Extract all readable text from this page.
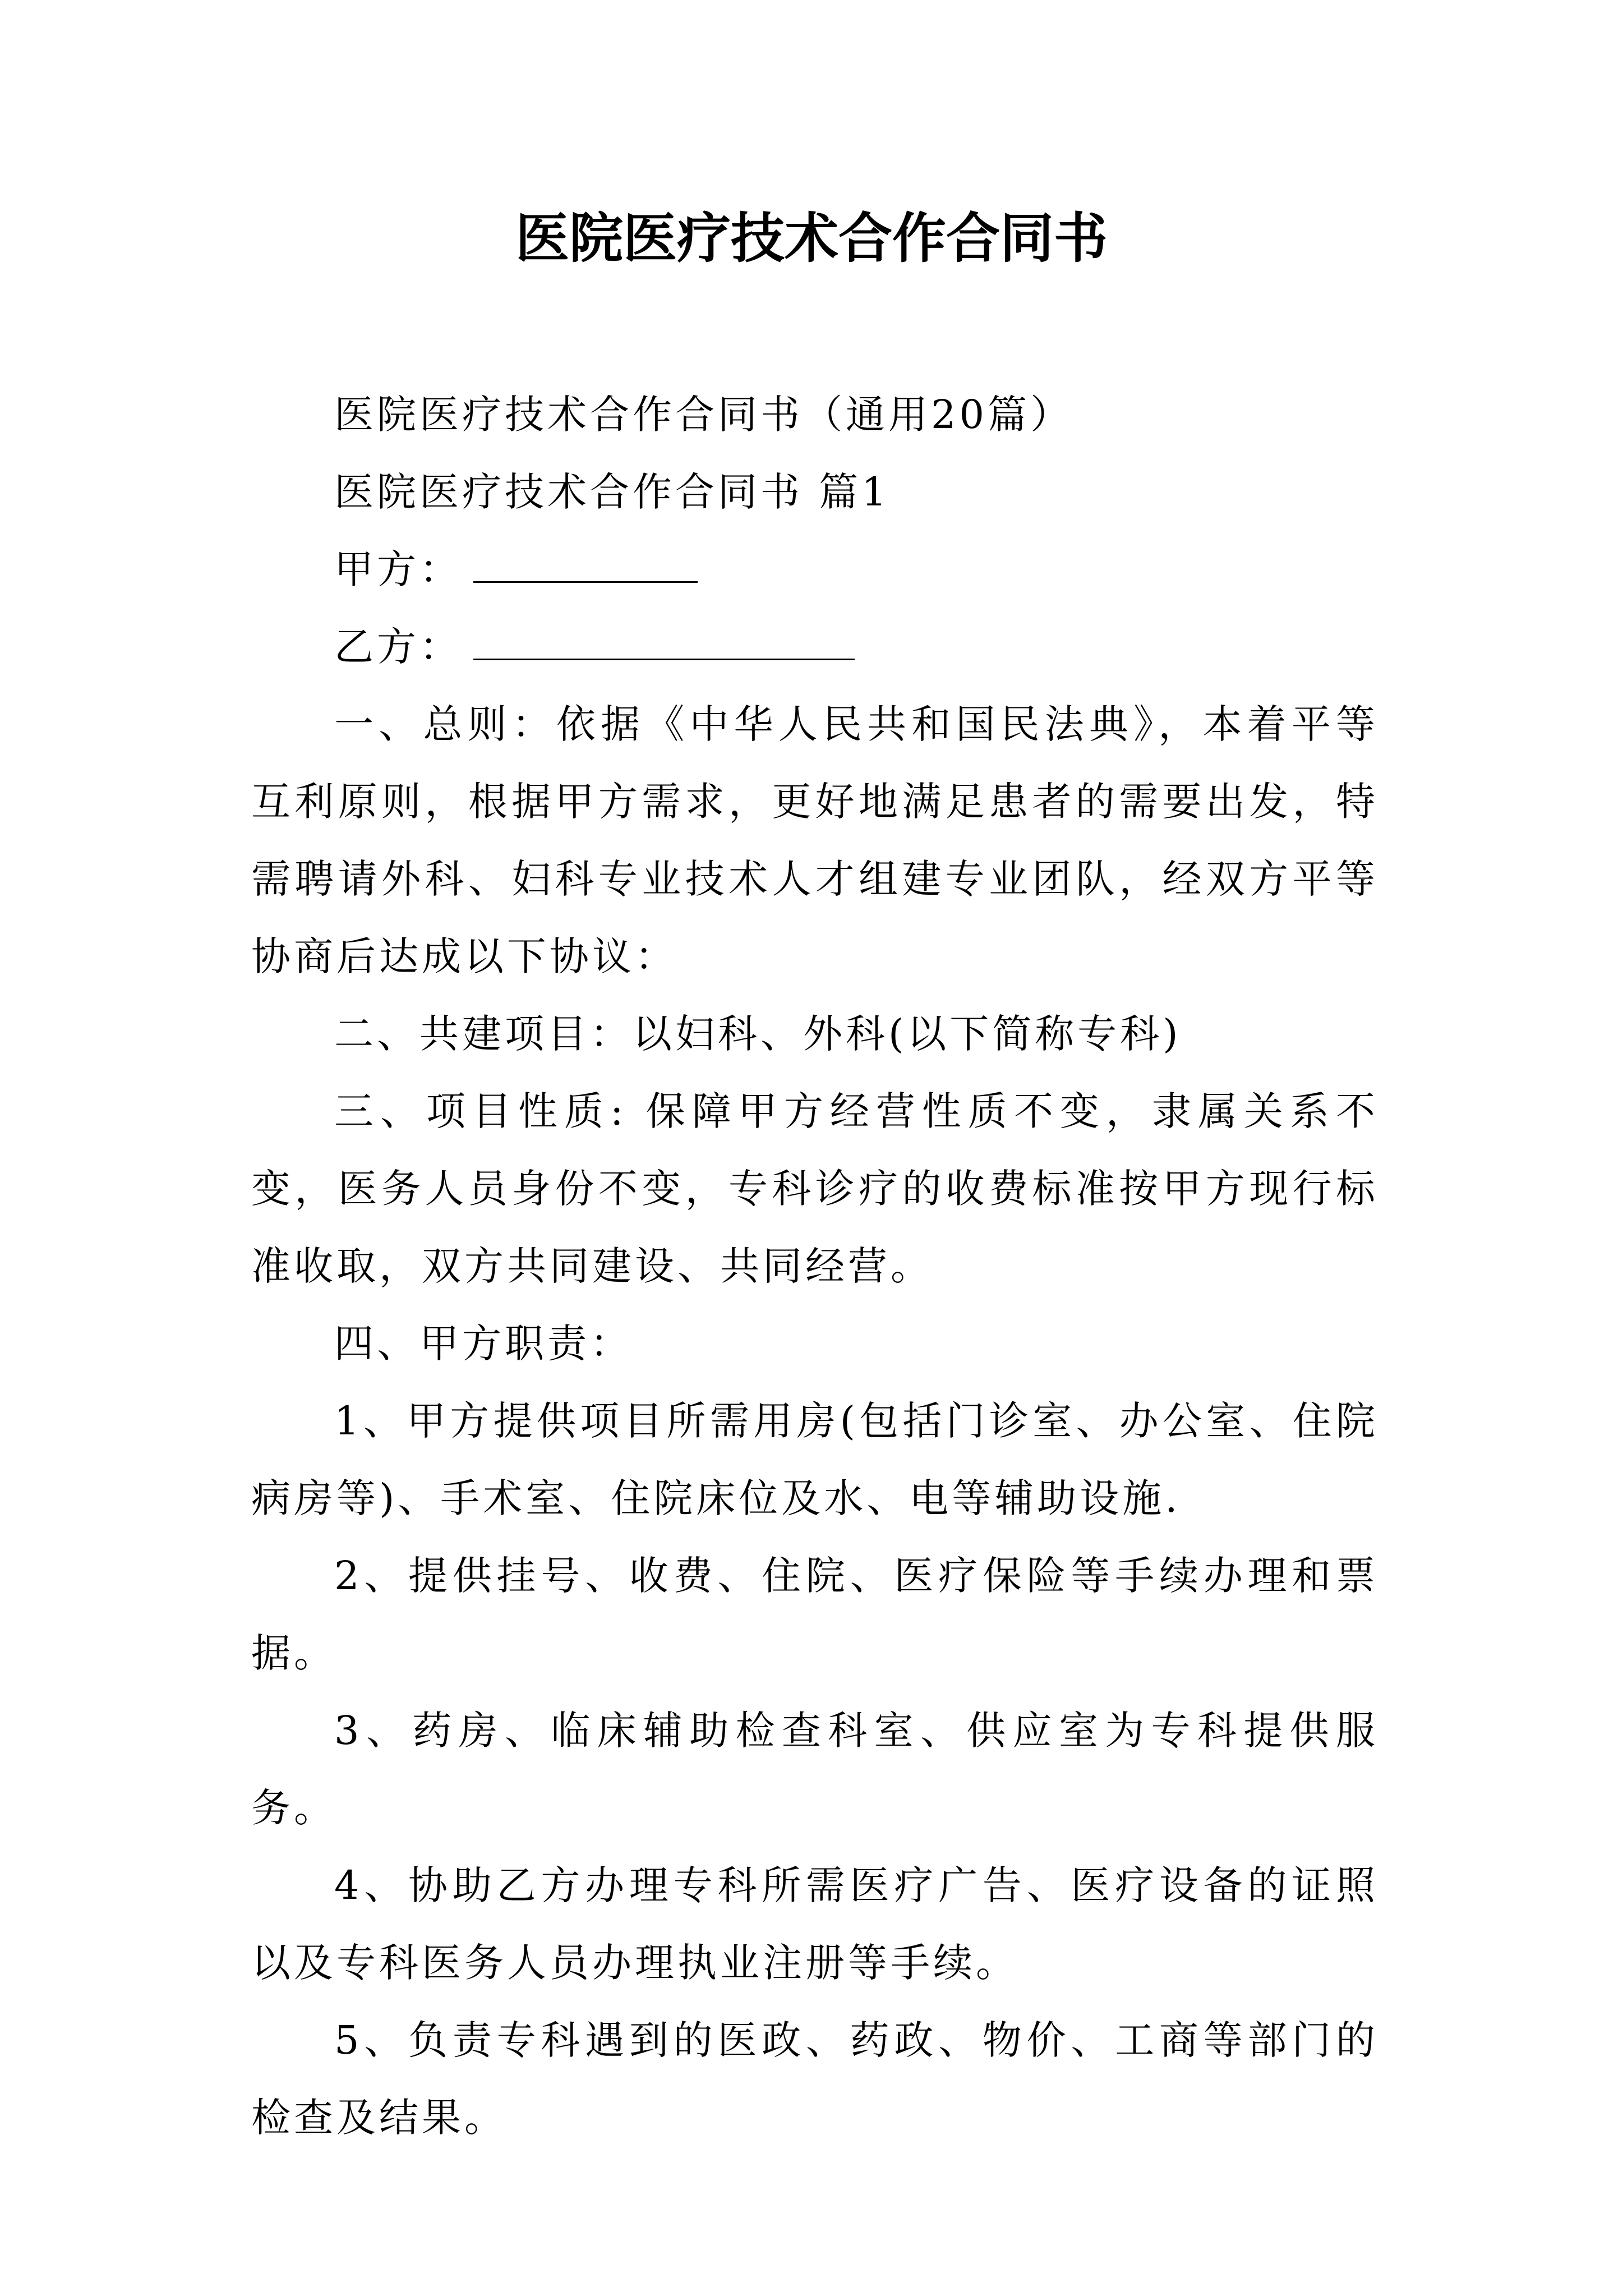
医院医疗技术合作合同书

医院医疗技术合作合同书（通用20篇）

医院医疗技术合作合同书 篇1

甲方：

乙方：

一、总则：依据《中华人民共和国民法典》，本着平等互利原则，根据甲方需求，更好地满足患者的需要出发，特需聘请外科、妇科专业技术人才组建专业团队，经双方平等协商后达成以下协议：

二、共建项目：以妇科、外科(以下简称专科)

三、项目性质: 保障甲方经营性质不变，隶属关系不变，医务人员身份不变，专科诊疗的收费标准按甲方现行标准收取，双方共同建设、共同经营。

四、甲方职责：

1、甲方提供项目所需用房(包括门诊室、办公室、住院病房等)、手术室、住院床位及水、电等辅助设施.

2、提供挂号、收费、住院、医疗保险等手续办理和票据。

3、药房、临床辅助检查科室、供应室为专科提供服务。

4、协助乙方办理专科所需医疗广告、医疗设备的证照以及专科医务人员办理执业注册等手续。

5、负责专科遇到的医政、药政、物价、工商等部门的检查及结果。
